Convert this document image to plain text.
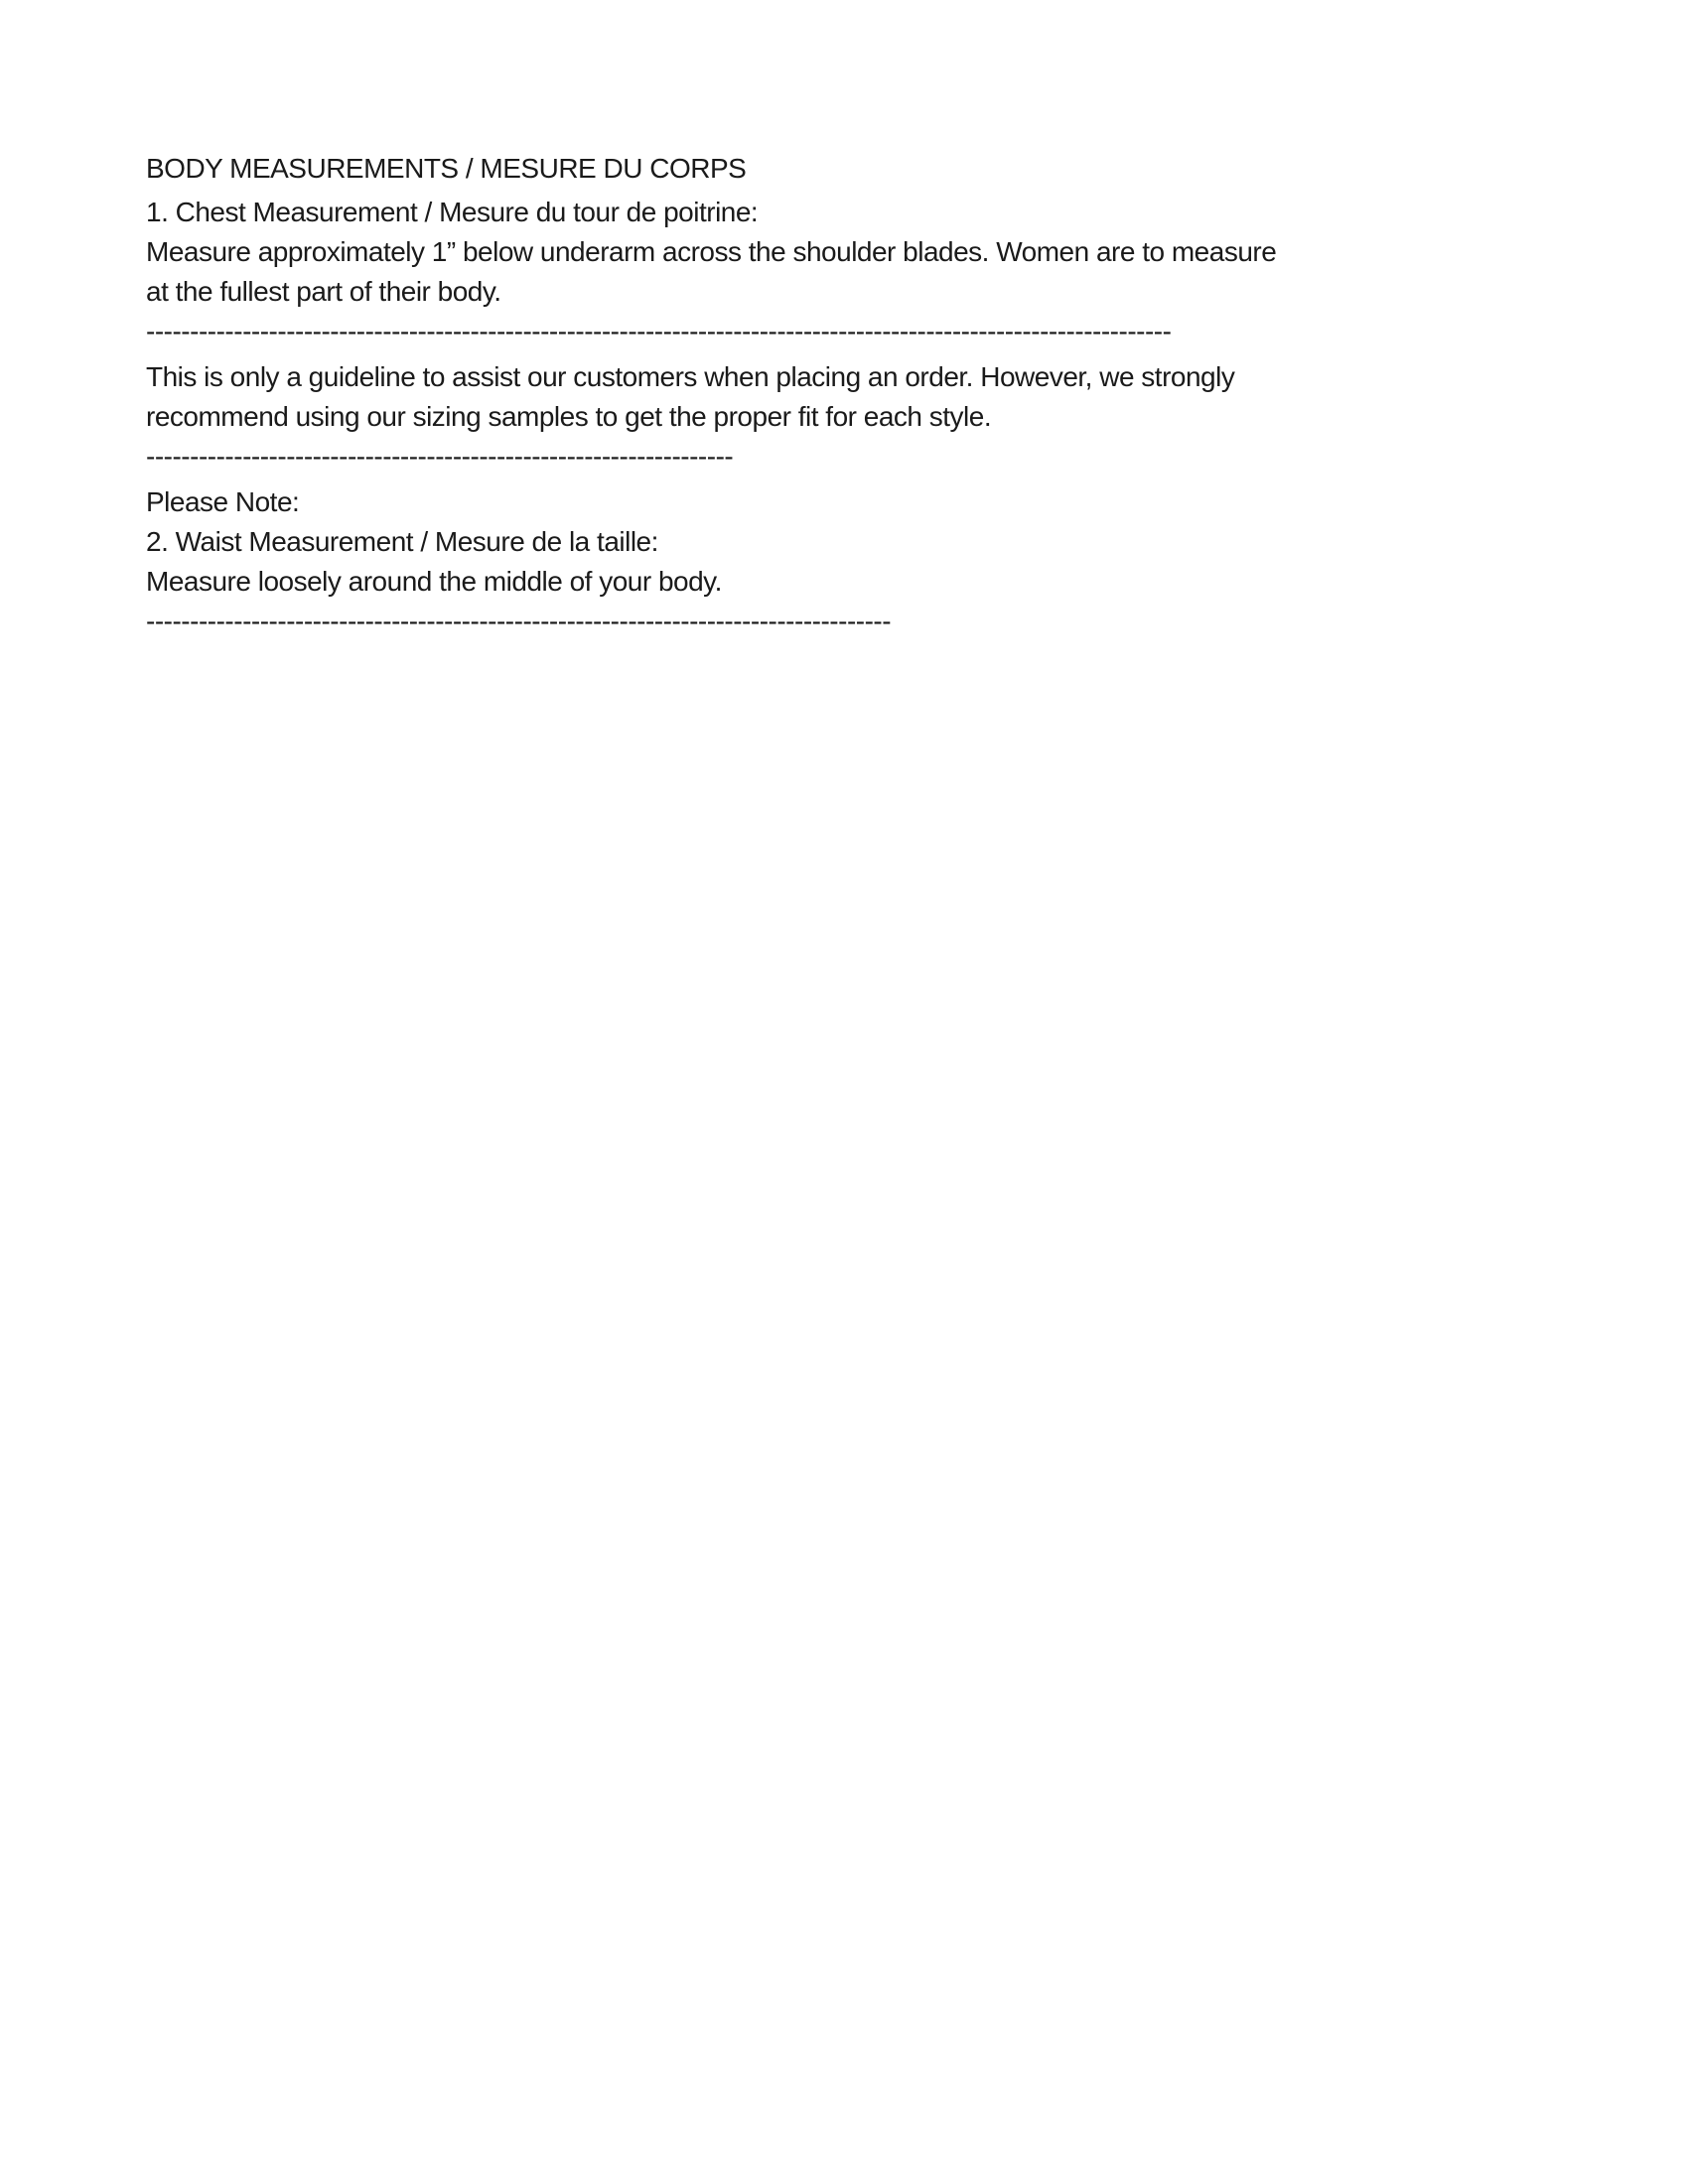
BODY MEASUREMENTS / MESURE DU CORPS
1. Chest Measurement / Mesure du tour de poitrine:
Measure approximately 1” below underarm across the shoulder blades. Women are to measure
at the fullest part of their body.
---------------------------------------------------------------------------------------------------------------------
This is only a guideline to assist our customers when placing an order. However, we strongly
recommend using our sizing samples to get the proper fit for each style.
-------------------------------------------------------------------
Please Note:
2. Waist Measurement / Mesure de la taille:
Measure loosely around the middle of your body.
-------------------------------------------------------------------------------------
